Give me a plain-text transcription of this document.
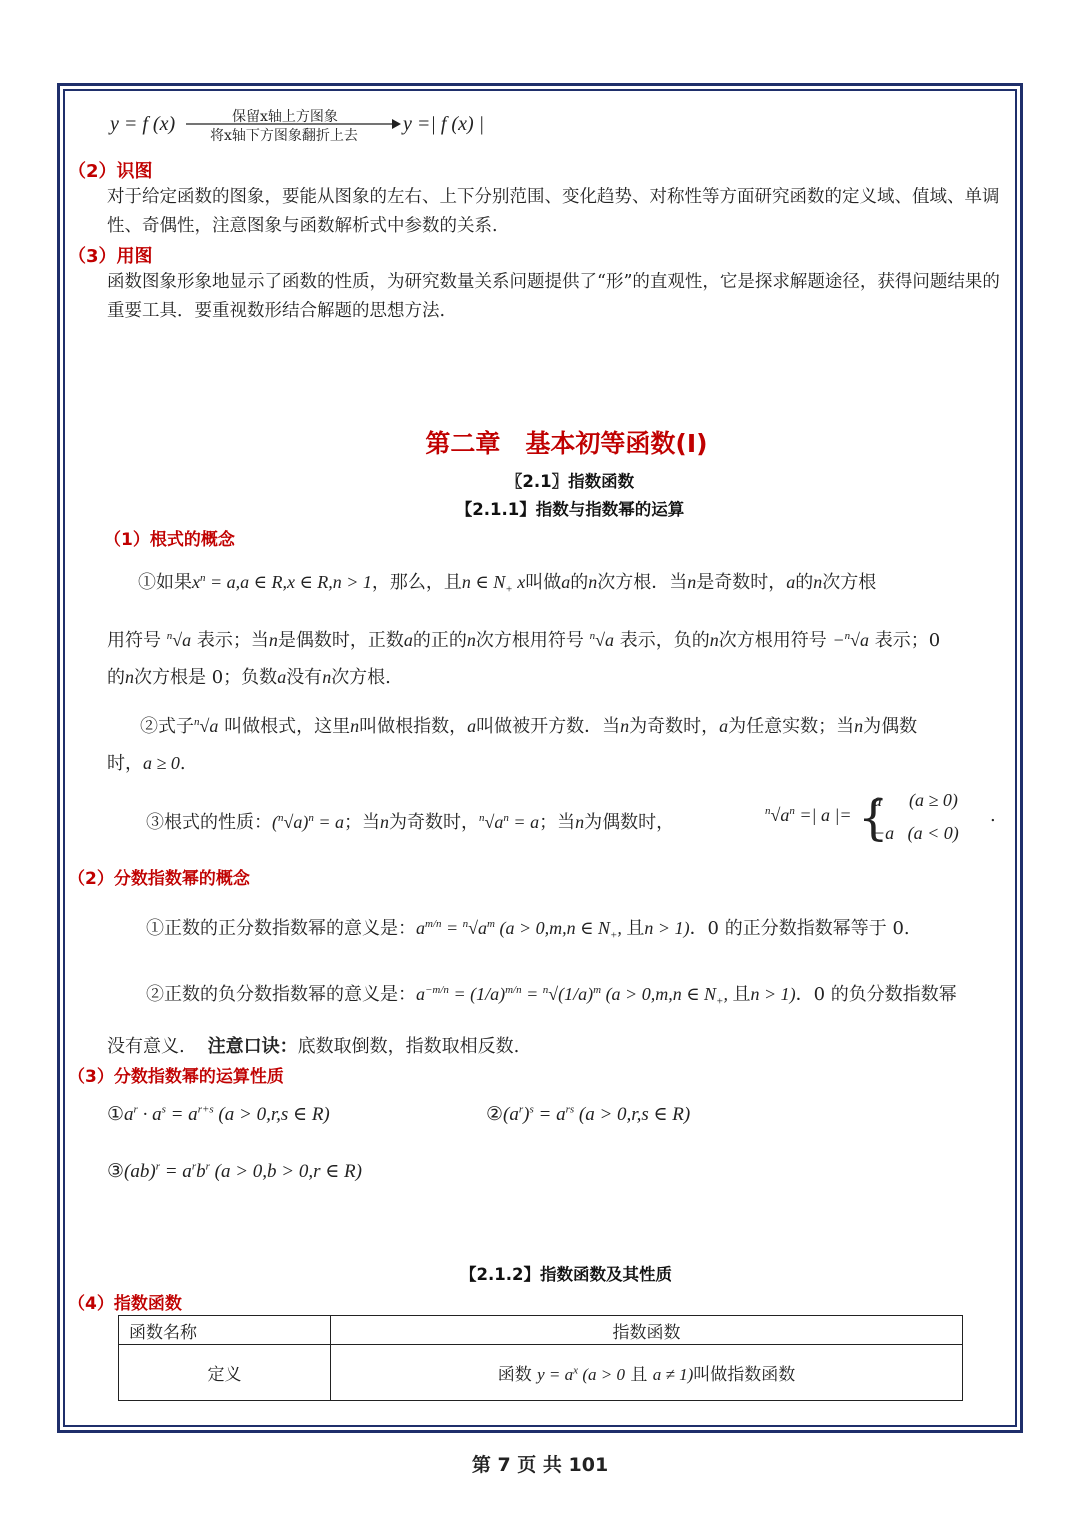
y = f (x)	保留x轴上方图象
将x轴下方图象翻折上去
y =| f (x) |
（2）识图
对于给定函数的图象，要能从图象的左右、上下分别范围、变化趋势、对称性等方面研究函数的定义域、值域、单调性、奇偶性，注意图象与函数解析式中参数的关系.
（3）用图
函数图象形象地显示了函数的性质，为研究数量关系问题提供了“形”的直观性，它是探求解题途径，获得问题结果的重要工具．要重视数形结合解题的思想方法.
第二章　基本初等函数(Ⅰ)
〖2.1〗指数函数
【2.1.1】指数与指数幂的运算
（1）根式的概念
①如果$x^n = a,a$ ∈ R,x ∈ R,n > 1，那么，且n ∈ $N_+$ x叫做a的n次方根．当n是奇数时，a的n次方根
用符号 $^n$√a 表示；当n是偶数时，正数a的正的n次方根用符号 $^n$√a 表示，负的n次方根用符号 −$^n$√a 表示；0
的n次方根是 0；负数a没有n次方根.
②式子$^n$√a 叫做根式，这里n叫做根指数，a叫做被开方数．当n为奇数时，a为任意实数；当n为偶数
时，a ≥ 0.
③根式的性质：$(^n√a)^n = a$；当n为奇数时，$^n√a^n = a$；当n为偶数时，
$^n√a^n$ =| a |= {
a      (a ≥ 0)
−a   (a < 0)
.
（2）分数指数幂的概念
①正数的正分数指数幂的意义是：$a^{m/n} = ^n√a^m$ (a > 0,m,n ∈ $N_+$, 且n > 1)．0 的正分数指数幂等于 0.
②正数的负分数指数幂的意义是：$a^{-m/n} = (1/a)^{m/n} = ^n√(1/a)^m$ (a > 0,m,n ∈ $N_+$, 且n > 1)．0 的负分数指数幂
没有意义. 注意口诀：底数取倒数，指数取相反数.
（3）分数指数幂的运算性质
$①a^r \cdot a^s = a^{r+s}$ (a > 0,r,s ∈ R)	$②(a^r)^s = a^{rs}$ (a > 0,r,s ∈ R)
③(ab)$^r$ = $a^rb^r$ (a > 0,b > 0,r ∈ R)
【2.1.2】指数函数及其性质
（4）指数函数
函数名称	指数函数
定义	函数 $y = a^x$ (a > 0 且 a ≠ 1)叫做指数函数
第 7 页 共 101
